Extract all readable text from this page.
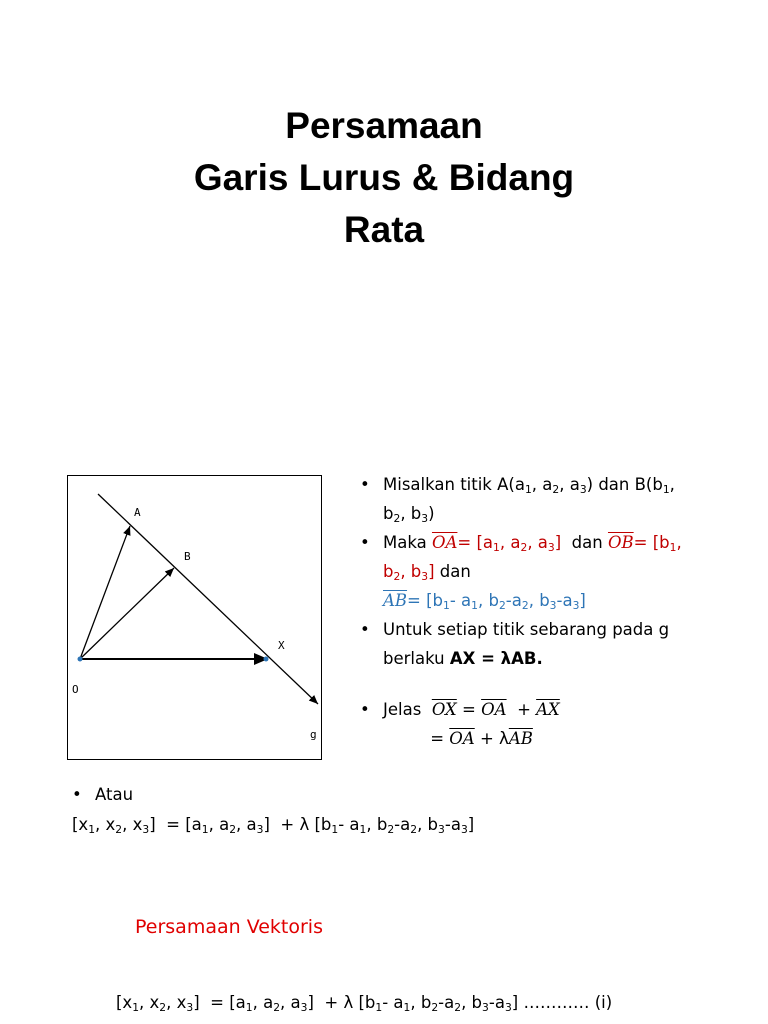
Persamaan
Garis Lurus & Bidang
Rata
A
B
X
O
g
• Misalkan titik $A(a_1$, $a_2$, $a_3$) dan $B(b_1$,
$b_2$, $b_3$)
• Maka $\overline{OA}= [a_1$, $a_2$, $a_3$]  dan $\overline{OB}= [b_1$,
$b_2$, $b_3$] dan
$\overline{AB}= [b_1-$ $a_1$, $b_2-a_2$, $b_3-a_3$]
• Untuk setiap titik sebarang pada g
berlaku AX = λAB.
• Jelas  $\overline{OX} = \overline{OA} + \overline{AX}$
= $\overline{OA} + \lambda\overline{AB}$
• Atau
[$x_1$, $x_2$, $x_3] = [a_1$, $a_2$, $a_3] + \lambda$ [$b_1-$ $a_1$, $b_2-a_2$, $b_3-a_3$]
Persamaan Vektoris
[$x_1$, $x_2$, $x_3] = [a_1$, $a_2$, $a_3] + \lambda$ [$b_1-$ $a_1$, $b_2-a_2$, $b_3-a_3$] ………… (i)
